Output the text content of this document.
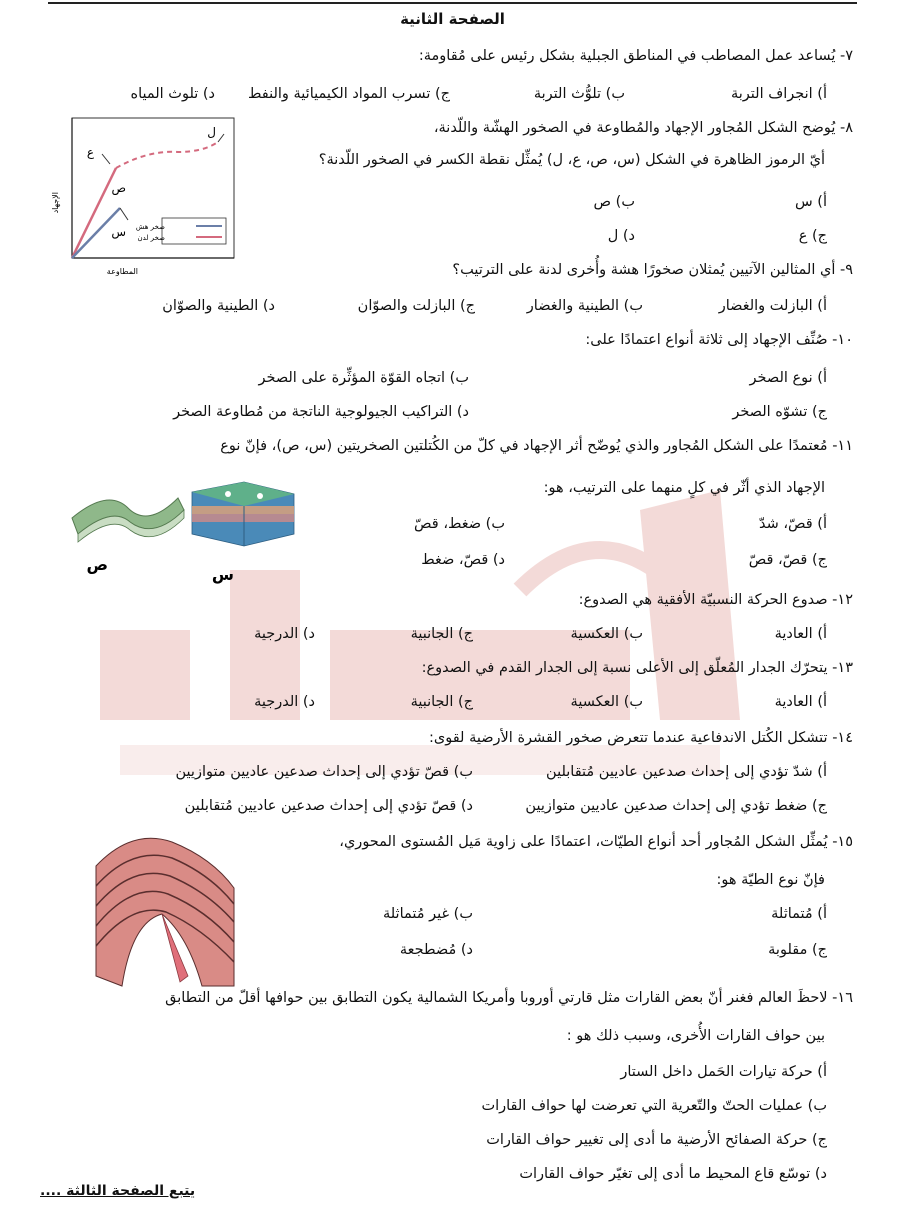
الصفحة الثانية
٧- يُساعد عمل المصاطب في المناطق الجبلية بشكل رئيس على مُقاومة:
أ) انجراف التربة
ب) تلوُّث التربة
ج) تسرب المواد الكيميائية والنفط
د) تلوث المياه
٨- يُوضح الشكل المُجاور الإجهاد والمُطاوعة في الصخور الهشّة واللّدنة،
أيّ الرموز الظاهرة في الشكل (س، ص، ع، ل) يُمثِّل نقطة الكسر في الصخور اللّدنة؟
أ) س
ب) ص
ج) ع
د) ل
ل
ع
ص
س صخر هش
صخر لدن
الإجهاد
المطاوعة	٩- أي المثالين الآتيين يُمثلان صخورًا هشة وأُخرى لدنة على الترتيب؟
أ) البازلت والغضار
ب) الطينية والغضار
ج) البازلت والصوّان
د) الطينية والصوّان
١٠- صُنِّف الإجهاد إلى ثلاثة أنواع اعتمادًا على:
أ) نوع الصخر
ب) اتجاه القوّة المؤثِّرة على الصخر
ج) تشوّه الصخر
د) التراكيب الجيولوجية الناتجة من مُطاوعة الصخر
١١- مُعتمدًا على الشكل المُجاور والذي يُوضّح أثر الإجهاد في كلّ من الكُتلتين الصخريتين (س، ص)، فإنّ نوع
الإجهاد الذي أثّر في كلٍ منهما على الترتيب، هو:
أ) قصّ، شدّ
ب) ضغط، قصّ
ج) قصّ، قصّ
د) قصّ، ضغط
ص
س
١٢- صدوع الحركة النسبيّة الأفقية هي الصدوع:
أ) العادية
ب) العكسية
ج) الجانبية
د) الدرجية
١٣- يتحرّك الجدار المُعلّق إلى الأعلى نسبة إلى الجدار القدم في الصدوع:
أ) العادية
ب) العكسية
ج) الجانبية
د) الدرجية
١٤- تتشكل الكُتل الاندفاعية عندما تتعرض صخور القشرة الأرضية لقوى:
أ) شدّ تؤدي إلى إحداث صدعين عاديين مُتقابلين
ب) قصّ تؤدي إلى إحداث صدعين عاديين متوازيين
ج) ضغط تؤدي إلى إحداث صدعين عاديين متوازيين
د) قصّ تؤدي إلى إحداث صدعين عاديين مُتقابلين
١٥- يُمثِّل الشكل المُجاور أحد أنواع الطيّات، اعتمادًا على زاوية مَيل المُستوى المحوري،
فإنّ نوع الطيّة هو:
أ) مُتماثلة
ب) غير مُتماثلة
ج) مقلوبة
د) مُضطجعة
١٦- لاحظَ العالم فغنر أنّ بعض القارات مثل قارتي أوروبا وأمريكا الشمالية يكون التطابق بين حوافها أقلّ من التطابق
بين حواف القارات الأُخرى، وسبب ذلك هو :
أ) حركة تيارات الحَمل داخل الستار
ب) عمليات الحتّ والتّعرية التي تعرضت لها حواف القارات
ج) حركة الصفائح الأرضية ما أدى إلى تغيير حواف القارات
د) توسّع قاع المحيط ما أدى إلى تغيّر حواف القارات
يتبع الصفحة الثالثة ....
